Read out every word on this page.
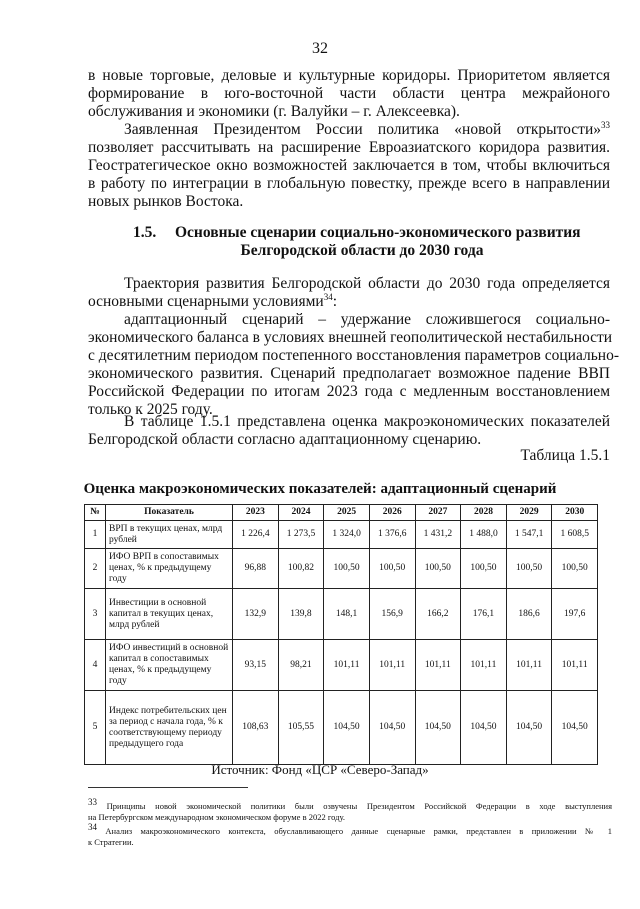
32
в новые торговые, деловые и культурные коридоры. Приоритетом является
формирование в юго-восточной части области центра межрайоного
обслуживания и экономики (г. Валуйки – г. Алексеевка).
Заявленная Президентом России политика «новой открытости»$^{33}$
позволяет рассчитывать на расширение Евроазиатского коридора развития.
Геостратегическое окно возможностей заключается в том, чтобы включиться
в работу по интеграции в глобальную повестку, прежде всего в направлении
новых рынков Востока.
1.5.	Основные сценарии социально-экономического развития
Белгородской области до 2030 года
Траектория развития Белгородской области до 2030 года определяется
основными сценарными условиями$^{34}$:
адаптационный сценарий – удержание сложившегося социально-
экономического баланса в условиях внешней геополитической нестабильности
с десятилетним периодом постепенного восстановления параметров социально-
экономического развития. Сценарий предполагает возможное падение ВВП
Российской Федерации по итогам 2023 года с медленным восстановлением
только к 2025 году.
В таблице 1.5.1 представлена оценка макроэкономических показателей
Белгородской области согласно адаптационному сценарию.
Таблица 1.5.1
Оценка макроэкономических показателей: адаптационный сценарий
№	Показатель	2023	2024	2025	2026	2027	2028	2029	2030
1	ВРП в текущих ценах, млрд рублей	1 226,4	1 273,5	1 324,0	1 376,6	1 431,2	1 488,0	1 547,1	1 608,5
2	ИФО ВРП в сопоставимых ценах, % к предыдущему году	96,88	100,82	100,50	100,50	100,50	100,50	100,50	100,50
3	Инвестиции в основной капитал в текущих ценах, млрд рублей	132,9	139,8	148,1	156,9	166,2	176,1	186,6	197,6
4	ИФО инвестиций в основной капитал в сопоставимых ценах, % к предыдущему году	93,15	98,21	101,11	101,11	101,11	101,11	101,11	101,11
5	Индекс потребительских цен за период с начала года, % к соответствующему периоду предыдущего года	108,63	105,55	104,50	104,50	104,50	104,50	104,50	104,50
Источник: Фонд «ЦСР «Северо-Запад»
$^{33}$ Принципы новой экономической политики были озвучены Президентом Российской Федерации в ходе выступления
на Петербургском международном экономическом форуме в 2022 году.
$^{34}$ Анализ макроэкономического контекста, обуславливающего данные сценарные рамки, представлен в приложении № 1
к Стратегии.
